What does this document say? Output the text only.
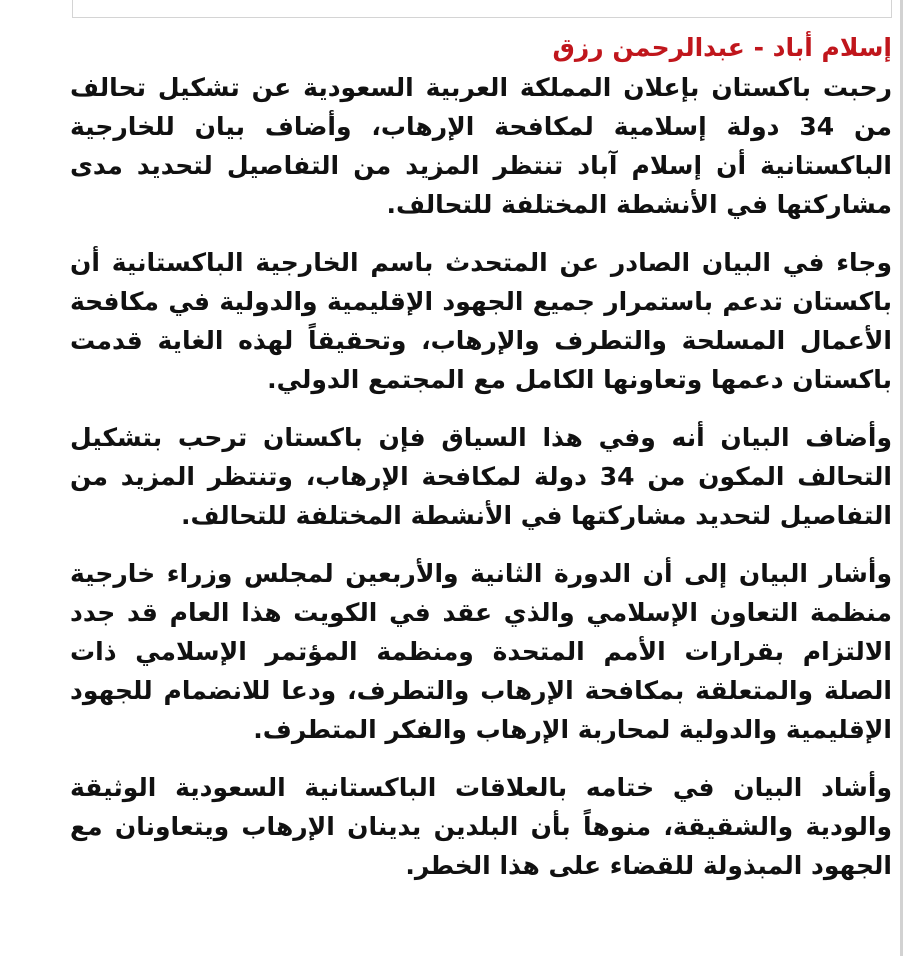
إسلام أباد - عبدالرحمن رزق

رحبت باكستان بإعلان المملكة العربية السعودية عن تشكيل تحالف من 34 دولة إسلامية لمكافحة الإرهاب، وأضاف بيان للخارجية الباكستانية أن إسلام آباد تنتظر المزيد من التفاصيل لتحديد مدى مشاركتها في الأنشطة المختلفة للتحالف.

وجاء في البيان الصادر عن المتحدث باسم الخارجية الباكستانية أن باكستان تدعم باستمرار جميع الجهود الإقليمية والدولية في مكافحة الأعمال المسلحة والتطرف والإرهاب، وتحقيقاً لهذه الغاية قدمت باكستان دعمها وتعاونها الكامل مع المجتمع الدولي.

وأضاف البيان أنه وفي هذا السياق فإن باكستان ترحب بتشكيل التحالف المكون من 34 دولة لمكافحة الإرهاب، وتنتظر المزيد من التفاصيل لتحديد مشاركتها في الأنشطة المختلفة للتحالف.

وأشار البيان إلى أن الدورة الثانية والأربعين لمجلس وزراء خارجية منظمة التعاون الإسلامي والذي عقد في الكويت هذا العام قد جدد الالتزام بقرارات الأمم المتحدة ومنظمة المؤتمر الإسلامي ذات الصلة والمتعلقة بمكافحة الإرهاب والتطرف، ودعا للانضمام للجهود الإقليمية والدولية لمحاربة الإرهاب والفكر المتطرف.

وأشاد البيان في ختامه بالعلاقات الباكستانية السعودية الوثيقة والودية والشقيقة، منوهاً بأن البلدين يدينان الإرهاب ويتعاونان مع الجهود المبذولة للقضاء على هذا الخطر.
